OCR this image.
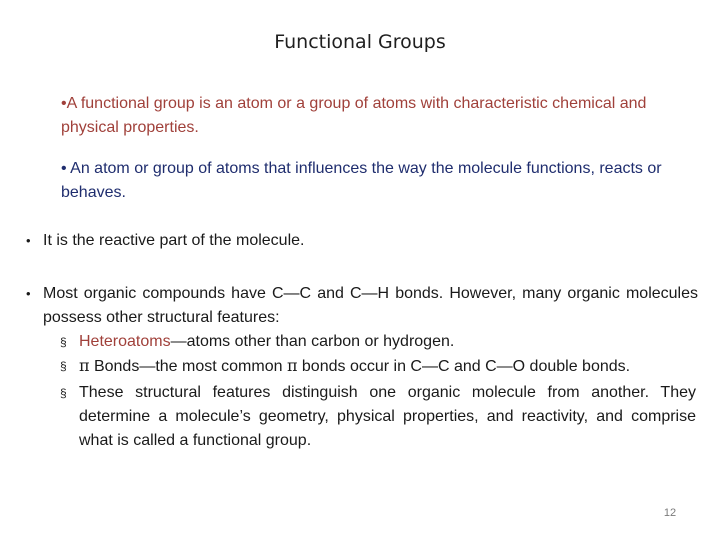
Functional Groups
•A functional group is an atom or a group of atoms with characteristic chemical and physical properties.
• An atom or group of atoms that influences the way the molecule functions, reacts or behaves.
• It is the reactive part of the molecule.
• Most organic compounds have C—C and C—H bonds. However, many organic molecules possess other structural features:
§ Heteroatoms—atoms other than carbon or hydrogen.
§ π Bonds—the most common π bonds occur in C—C and C—O double bonds.
§ These structural features distinguish one organic molecule from another. They determine a molecule’s geometry, physical properties, and reactivity, and comprise what is called a functional group.
12
